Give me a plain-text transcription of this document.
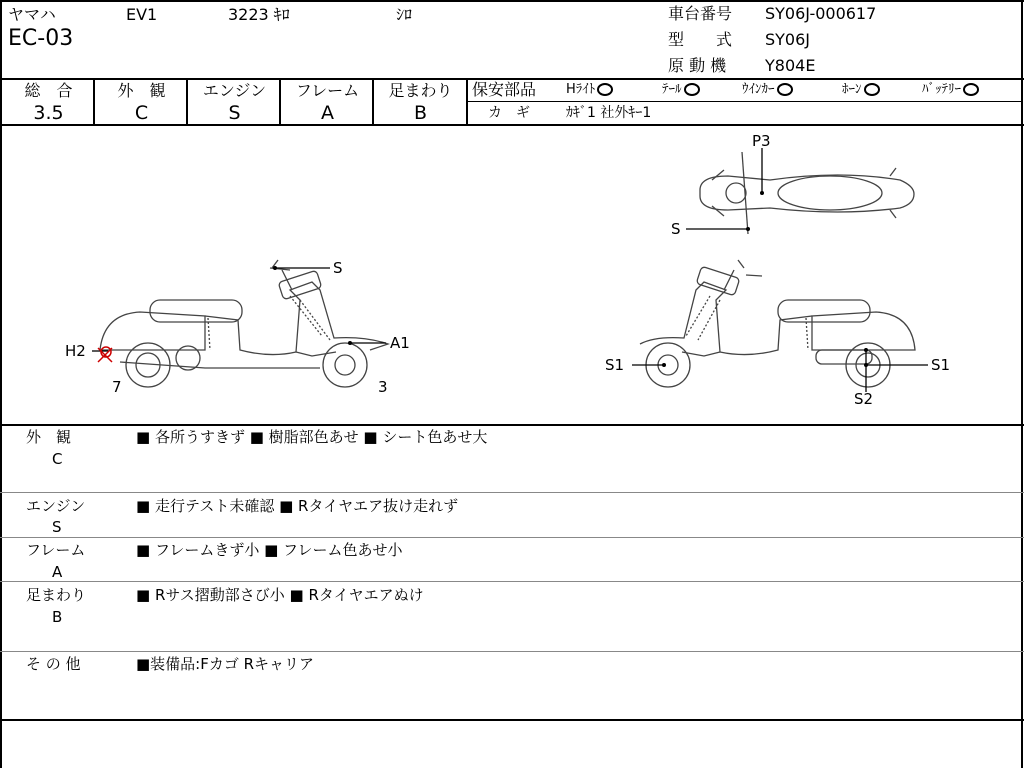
ヤマハ	EV1	3223 ｷﾛ	ｼﾛ
EC-03
車台番号 SY06J-000617
型　　式 SY06J
原 動 機 Y804E
総　合
3.5
外　観
C
エンジン
S
フレーム
A
足まわり
B
保安部品 Hﾗｲﾄ	ﾃｰﾙ	ｳｲﾝｶｰ	ﾎｰﾝ	ﾊﾞｯﾃﾘｰ
カ　ギ	ｶｷﾞ1 社外ｷｰ1
S
A1
H2
7	3
P3
S
S1	S1
S2
外　観
C
■ 各所うすきず ■ 樹脂部色あせ ■ シート色あせ大
エンジン
S
■ 走行テスト未確認 ■ Rタイヤエア抜け走れず
フレーム
A
■ フレームきず小 ■ フレーム色あせ小
足まわり
B
■ Rサス摺動部さび小 ■ Rタイヤエアぬけ
そ の 他	■装備品:Fカゴ Rキャリア
